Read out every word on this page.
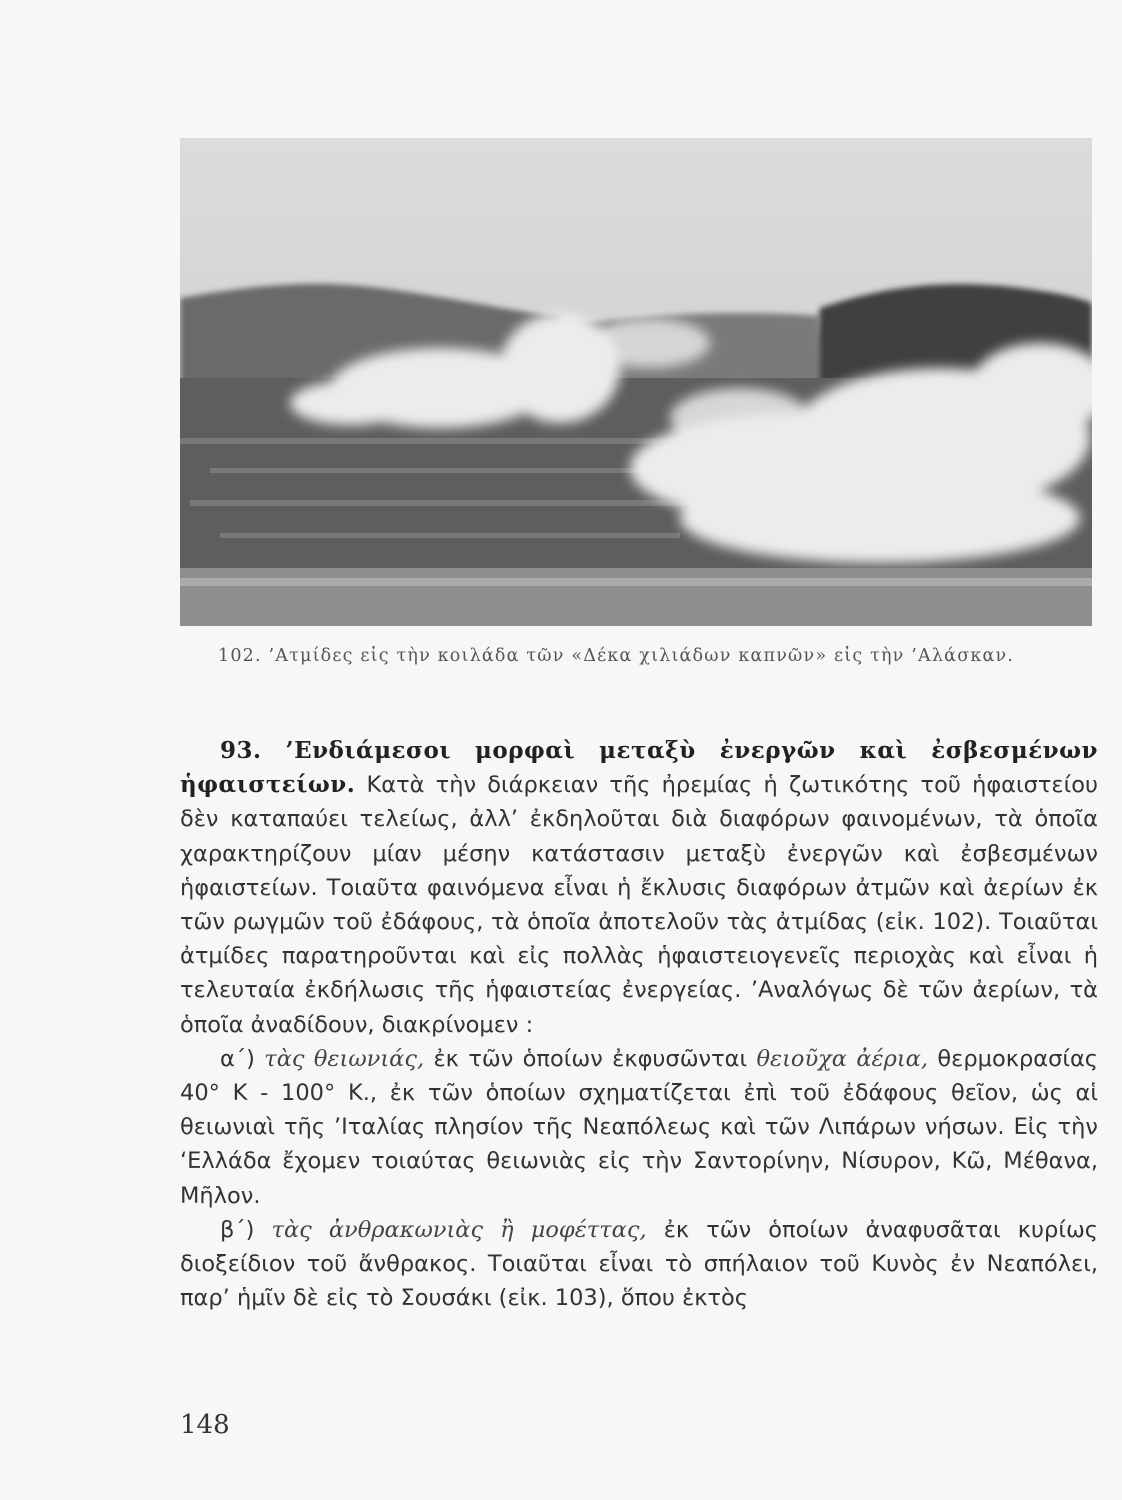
102. ’Ατμίδες εἰς τὴν κοιλάδα τῶν «Δέκα χιλιάδων καπνῶν» εἰς τὴν ’Αλάσκαν.

93. ’Ενδιάμεσοι μορφαὶ μεταξὺ ἐνεργῶν καὶ ἐσβεσμένων ἡφαιστείων. Κατὰ τὴν διάρκειαν τῆς ἠρεμίας ἡ ζωτικότης τοῦ ἡφαιστείου δὲν καταπαύει τελείως, ἀλλ’ ἐκδηλοῦται διὰ διαφόρων φαινομένων, τὰ ὁποῖα χαρακτηρίζουν μίαν μέσην κατάστασιν μεταξὺ ἐνεργῶν καὶ ἐσβεσμένων ἡφαιστείων. Τοιαῦτα φαινόμενα εἶναι ἡ ἔκλυσις διαφόρων ἀτμῶν καὶ ἀερίων ἐκ τῶν ρωγμῶν τοῦ ἐδάφους, τὰ ὁποῖα ἀποτελοῦν τὰς ἀτμίδας (εἰκ. 102). Τοιαῦται ἀτμίδες παρατηροῦνται καὶ εἰς πολλὰς ἡφαιστειογενεῖς περιοχὰς καὶ εἶναι ἡ τελευταία ἐκδήλωσις τῆς ἡφαιστείας ἐνεργείας. ’Αναλόγως δὲ τῶν ἀερίων, τὰ ὁποῖα ἀναδίδουν, διακρίνομεν :

α΄) τὰς θειωνιάς, ἐκ τῶν ὁποίων ἐκφυσῶνται θειοῦχα ἀέρια, θερμοκρασίας 40° Κ - 100° Κ., ἐκ τῶν ὁποίων σχηματίζεται ἐπὶ τοῦ ἐδάφους θεῖον, ὡς αἱ θειωνιαὶ τῆς ’Ιταλίας πλησίον τῆς Νεαπόλεως καὶ τῶν Λιπάρων νήσων. Εἰς τὴν ‘Ελλάδα ἔχομεν τοιαύτας θειωνιὰς εἰς τὴν Σαντορίνην, Νίσυρον, Κῶ, Μέθανα, Μῆλον.

β΄) τὰς ἀνθρακωνιὰς ἢ μοφέττας, ἐκ τῶν ὁποίων ἀναφυσᾶται κυρίως διοξείδιον τοῦ ἄνθρακος. Τοιαῦται εἶναι τὸ σπήλαιον τοῦ Κυνὸς ἐν Νεαπόλει, παρ’ ἡμῖν δὲ εἰς τὸ Σουσάκι (εἰκ. 103), ὅπου ἐκτὸς

148
